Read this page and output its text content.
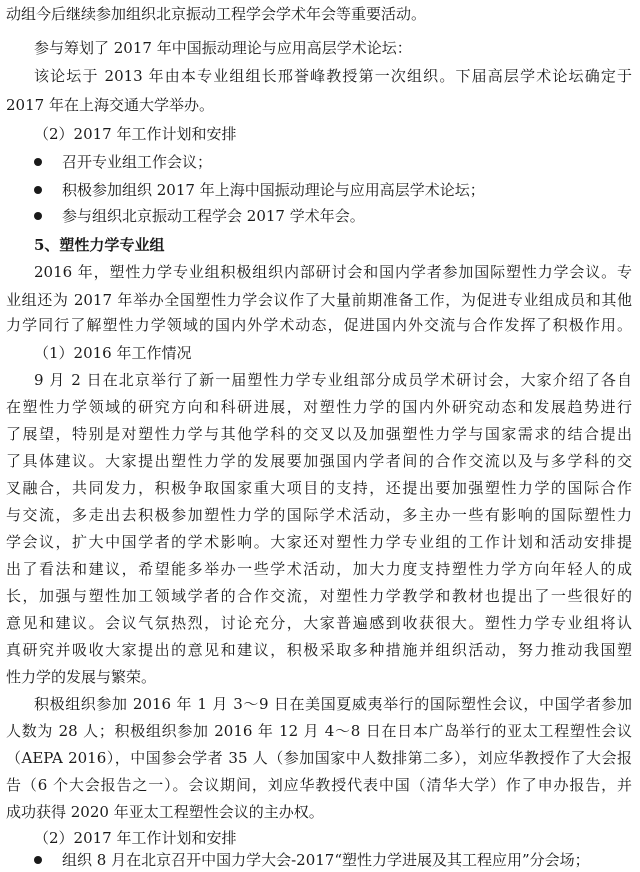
动组今后继续参加组织北京振动工程学会学术年会等重要活动。
参与筹划了 2017 年中国振动理论与应用高层学术论坛：
该论坛于 2013 年由本专业组组长邢誉峰教授第一次组织。下届高层学术论坛确定于
2017 年在上海交通大学举办。
（2）2017 年工作计划和安排
召开专业组工作会议；
积极参加组织 2017 年上海中国振动理论与应用高层学术论坛；
参与组织北京振动工程学会 2017 学术年会。
5、塑性力学专业组
2016 年，塑性力学专业组积极组织内部研讨会和国内学者参加国际塑性力学会议。专
业组还为 2017 年举办全国塑性力学会议作了大量前期准备工作，为促进专业组成员和其他
力学同行了解塑性力学领域的国内外学术动态，促进国内外交流与合作发挥了积极作用。
（1）2016 年工作情况
9 月 2 日在北京举行了新一届塑性力学专业组部分成员学术研讨会，大家介绍了各自
在塑性力学领域的研究方向和科研进展，对塑性力学的国内外研究动态和发展趋势进行
了展望，特别是对塑性力学与其他学科的交叉以及加强塑性力学与国家需求的结合提出
了具体建议。大家提出塑性力学的发展要加强国内学者间的合作交流以及与多学科的交
叉融合，共同发力，积极争取国家重大项目的支持，还提出要加强塑性力学的国际合作
与交流，多走出去积极参加塑性力学的国际学术活动，多主办一些有影响的国际塑性力
学会议，扩大中国学者的学术影响。大家还对塑性力学专业组的工作计划和活动安排提
出了看法和建议，希望能多举办一些学术活动，加大力度支持塑性力学方向年轻人的成
长，加强与塑性加工领域学者的合作交流，对塑性力学教学和教材也提出了一些很好的
意见和建议。会议气氛热烈，讨论充分，大家普遍感到收获很大。塑性力学专业组将认
真研究并吸收大家提出的意见和建议，积极采取多种措施并组织活动，努力推动我国塑
性力学的发展与繁荣。
积极组织参加 2016 年 1 月 3～9 日在美国夏威夷举行的国际塑性会议，中国学者参加
人数为 28 人；积极组织参加 2016 年 12 月 4～8 日在日本广岛举行的亚太工程塑性会议
（AEPA 2016），中国参会学者 35 人（参加国家中人数排第二多），刘应华教授作了大会报
告（6 个大会报告之一）。会议期间，刘应华教授代表中国（清华大学）作了申办报告，并
成功获得 2020 年亚太工程塑性会议的主办权。
（2）2017 年工作计划和安排
组织 8 月在北京召开中国力学大会-2017“塑性力学进展及其工程应用”分会场；
